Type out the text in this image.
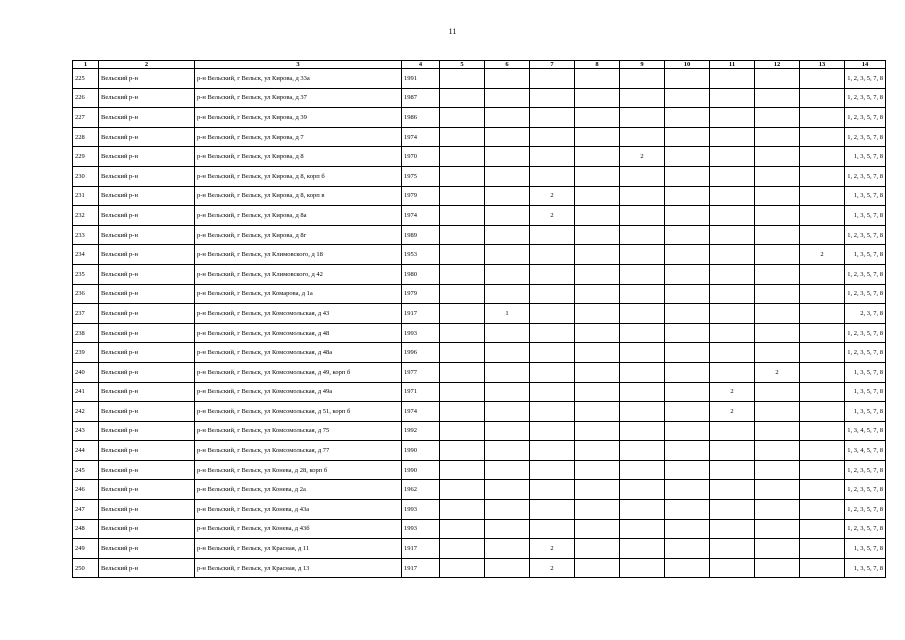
11
1	2	3	4	5	6	7	8	9	10	11	12	13	14
225	Вельский р-н	р-н Вельский, г Вельск, ул Кирова, д 33а	1991										1, 2, 3, 5, 7, 8
226	Вельский р-н	р-н Вельский, г Вельск, ул Кирова, д 37	1987										1, 2, 3, 5, 7, 8
227	Вельский р-н	р-н Вельский, г Вельск, ул Кирова, д 39	1986										1, 2, 3, 5, 7, 8
228	Вельский р-н	р-н Вельский, г Вельск, ул Кирова, д 7	1974										1, 2, 3, 5, 7, 8
229	Вельский р-н	р-н Вельский, г Вельск, ул Кирова, д 8	1970					2					1, 3, 5, 7, 8
230	Вельский р-н	р-н Вельский, г Вельск, ул Кирова, д 8, корп б	1975										1, 2, 3, 5, 7, 8
231	Вельский р-н	р-н Вельский, г Вельск, ул Кирова, д 8, корп в	1979			2							1, 3, 5, 7, 8
232	Вельский р-н	р-н Вельский, г Вельск, ул Кирова, д 8а	1974			2							1, 3, 5, 7, 8
233	Вельский р-н	р-н Вельский, г Вельск, ул Кирова, д 8г	1989										1, 2, 3, 5, 7, 8
234	Вельский р-н	р-н Вельский, г Вельск, ул Климовского, д 18	1953									2	1, 3, 5, 7, 8
235	Вельский р-н	р-н Вельский, г Вельск, ул Климовского, д 42	1980										1, 2, 3, 5, 7, 8
236	Вельский р-н	р-н Вельский, г Вельск, ул Комарова, д 1а	1979										1, 2, 3, 5, 7, 8
237	Вельский р-н	р-н Вельский, г Вельск, ул Комсомольская, д 43	1917		1								2, 3, 7, 8
238	Вельский р-н	р-н Вельский, г Вельск, ул Комсомольская, д 48	1993										1, 2, 3, 5, 7, 8
239	Вельский р-н	р-н Вельский, г Вельск, ул Комсомольская, д 48а	1996										1, 2, 3, 5, 7, 8
240	Вельский р-н	р-н Вельский, г Вельск, ул Комсомольская, д 49, корп б	1977								2		1, 3, 5, 7, 8
241	Вельский р-н	р-н Вельский, г Вельск, ул Комсомольская, д 49а	1971							2			1, 3, 5, 7, 8
242	Вельский р-н	р-н Вельский, г Вельск, ул Комсомольская, д 51, корп б	1974							2			1, 3, 5, 7, 8
243	Вельский р-н	р-н Вельский, г Вельск, ул Комсомольская, д 75	1992										1, 3, 4, 5, 7, 8
244	Вельский р-н	р-н Вельский, г Вельск, ул Комсомольская, д 77	1990										1, 3, 4, 5, 7, 8
245	Вельский р-н	р-н Вельский, г Вельск, ул Конева, д 28, корп б	1990										1, 2, 3, 5, 7, 8
246	Вельский р-н	р-н Вельский, г Вельск, ул Конева, д 2а	1962										1, 2, 3, 5, 7, 8
247	Вельский р-н	р-н Вельский, г Вельск, ул Конева, д 43а	1993										1, 2, 3, 5, 7, 8
248	Вельский р-н	р-н Вельский, г Вельск, ул Конева, д 43б	1993										1, 2, 3, 5, 7, 8
249	Вельский р-н	р-н Вельский, г Вельск, ул Красная, д 11	1917			2							1, 3, 5, 7, 8
250	Вельский р-н	р-н Вельский, г Вельск, ул Красная, д 13	1917			2							1, 3, 5, 7, 8
